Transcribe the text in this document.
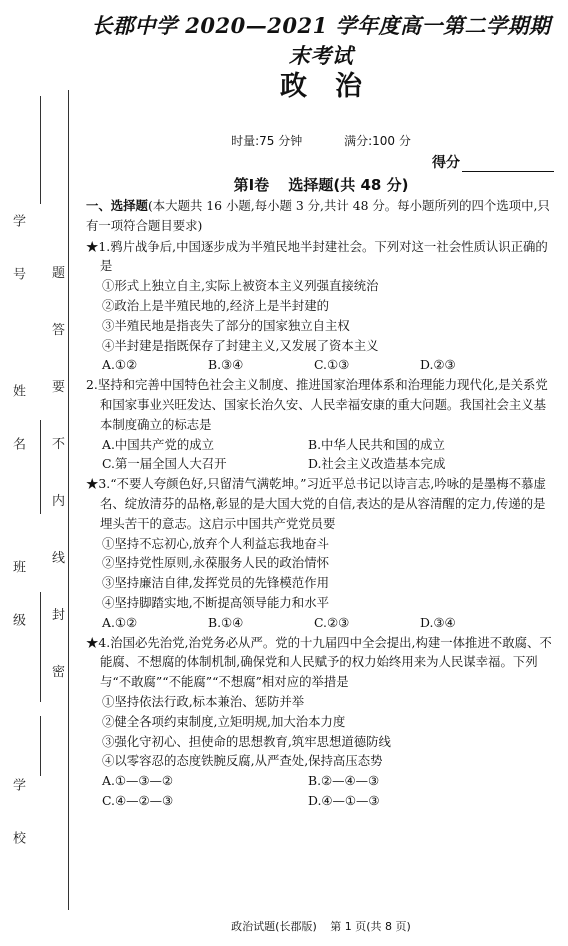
学 号
姓 名
班 级
学 校
题
答
要
不
内
线
封
密
长郡中学 2020—2021 学年度高一第二学期期末考试
政治
时量:75 分钟	满分:100 分
得分
第Ⅰ卷 选择题(共 48 分)

一、选择题(本大题共 16 小题,每小题 3 分,共计 48 分。每小题所列的四个选项中,只有一项符合题目要求)

★1.鸦片战争后,中国逐步成为半殖民地半封建社会。下列对这一社会性质认识正确的是

①形式上独立自主,实际上被资本主义列强直接统治

②政治上是半殖民地的,经济上是半封建的

③半殖民地是指丧失了部分的国家独立自主权

④半封建是指既保存了封建主义,又发展了资本主义

A.①②	B.③④	C.①③	D.②③

2.坚持和完善中国特色社会主义制度、推进国家治理体系和治理能力现代化,是关系党和国家事业兴旺发达、国家长治久安、人民幸福安康的重大问题。我国社会主义基本制度确立的标志是

A.中国共产党的成立	B.中华人民共和国的成立
C.第一届全国人大召开	D.社会主义改造基本完成

★3.“不要人夸颜色好,只留清气满乾坤。”习近平总书记以诗言志,吟咏的是墨梅不慕虚名、绽放清芬的品格,彰显的是大国大党的自信,表达的是从容清醒的定力,传递的是埋头苦干的意志。这启示中国共产党党员要

①坚持不忘初心,放弃个人利益忘我地奋斗

②坚持党性原则,永葆服务人民的政治情怀

③坚持廉洁自律,发挥党员的先锋模范作用

④坚持脚踏实地,不断提高领导能力和水平

A.①②	B.①④	C.②③	D.③④

★4.治国必先治党,治党务必从严。党的十九届四中全会提出,构建一体推进不敢腐、不能腐、不想腐的体制机制,确保党和人民赋予的权力始终用来为人民谋幸福。下列与“不敢腐”“不能腐”“不想腐”相对应的举措是

①坚持依法行政,标本兼治、惩防并举

②健全各项约束制度,立矩明规,加大治本力度

③强化守初心、担使命的思想教育,筑牢思想道德防线

④以零容忍的态度铁腕反腐,从严查处,保持高压态势

A.①—③—②	B.②—④—③
C.④—②—③	D.④—①—③
政治试题(长郡版) 第 1 页(共 8 页)
